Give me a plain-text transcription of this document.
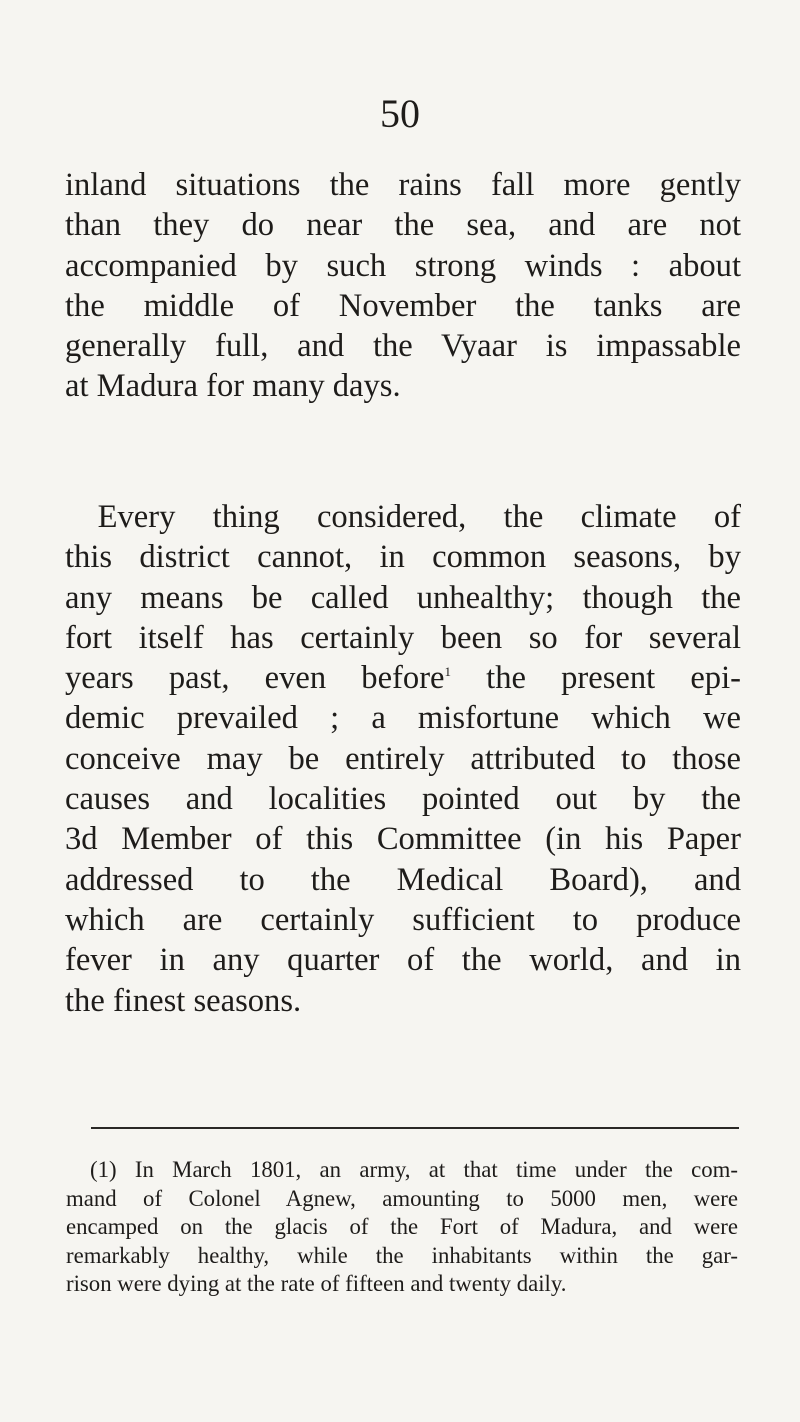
50

inland situations the rains fall more gently
than they do near the sea, and are not
accompanied by such strong winds : about
the middle of November the tanks are
generally full, and the Vyaar is impassable
at Madura for many days.

  Every thing considered, the climate of
this district cannot, in common seasons, by
any means be called unhealthy; though the
fort itself has certainly been so for several
years past, even before$^1$ the present epi-
demic prevailed ; a misfortune which we
conceive may be entirely attributed to those
causes and localities pointed out by the
3d Member of this Committee (in his Paper
addressed to the Medical Board), and
which are certainly sufficient to produce
fever in any quarter of the world, and in
the finest seasons.

(1) In March 1801, an army, at that time under the com-
mand of Colonel Agnew, amounting to 5000 men, were
encamped on the glacis of the Fort of Madura, and were
remarkably healthy, while the inhabitants within the gar-
rison were dying at the rate of fifteen and twenty daily.
